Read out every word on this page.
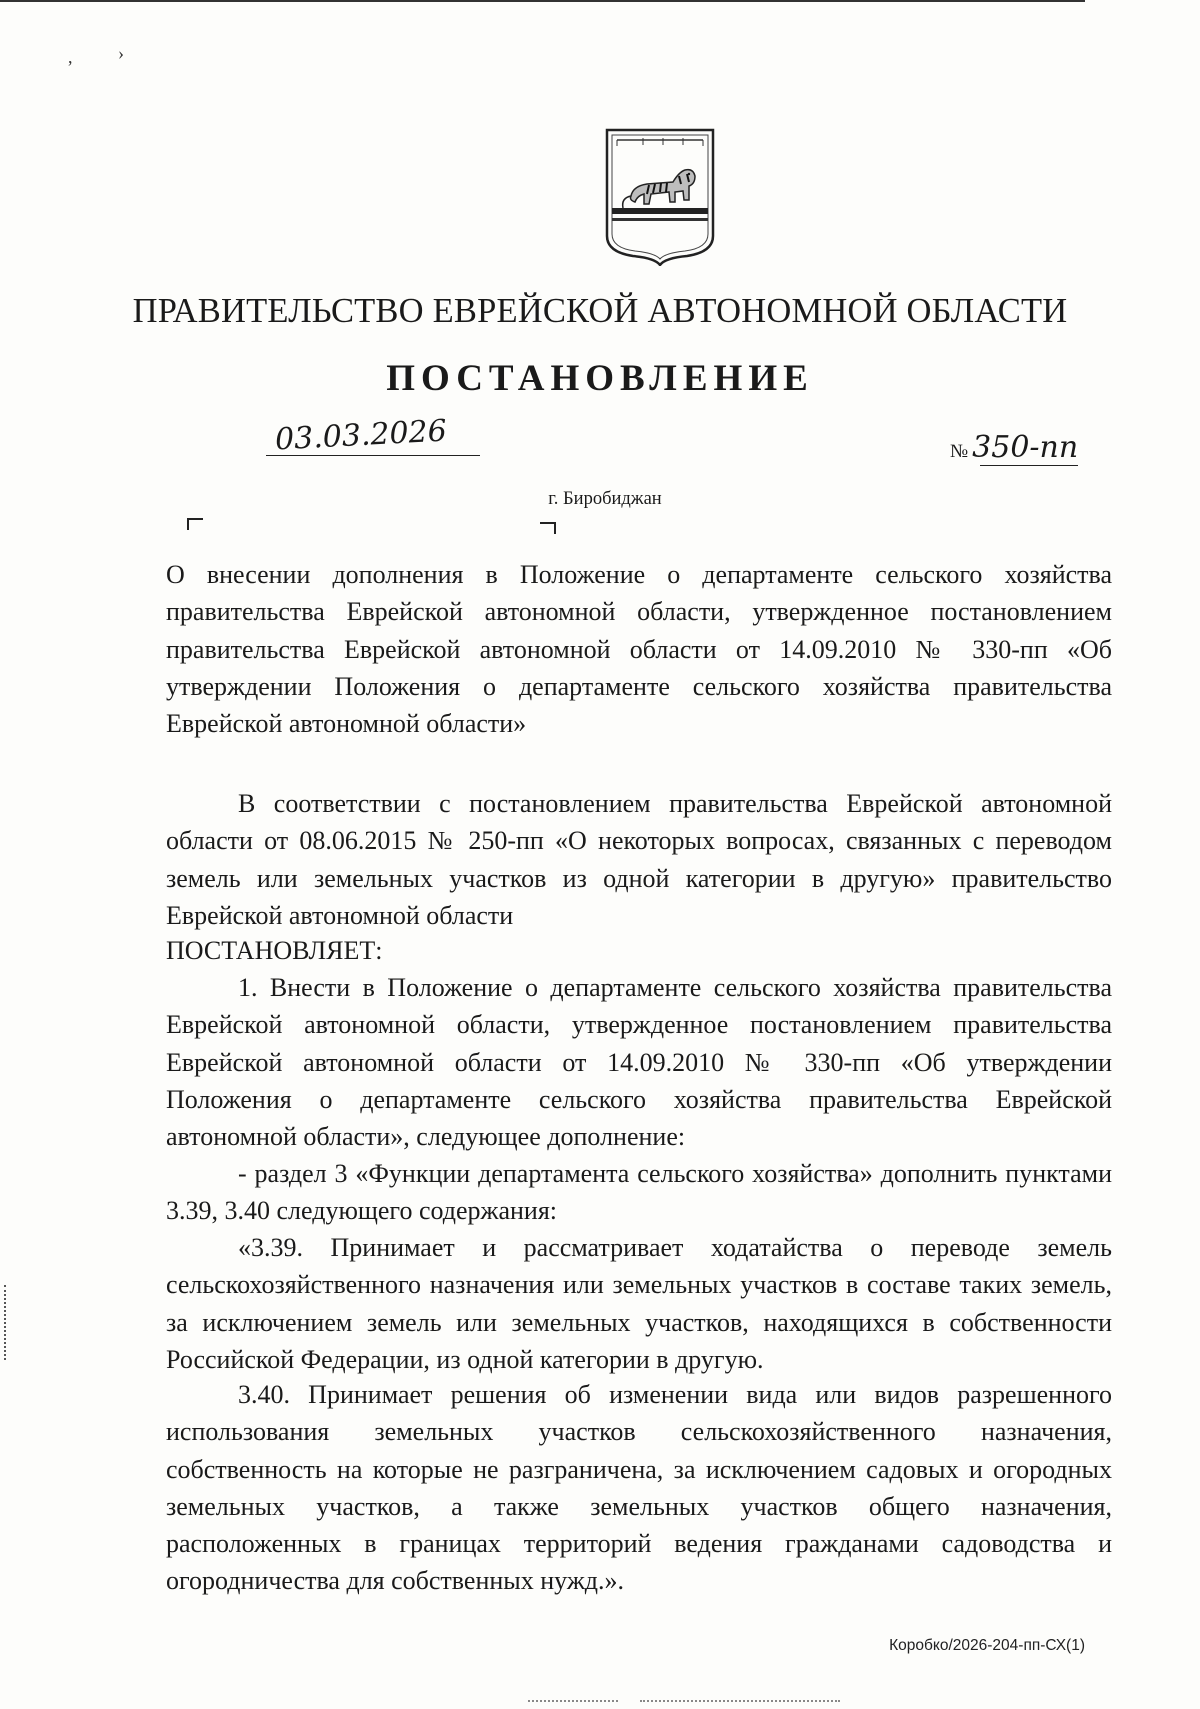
,	›
ПРАВИТЕЛЬСТВО ЕВРЕЙСКОЙ АВТОНОМНОЙ ОБЛАСТИ
ПОСТАНОВЛЕНИЕ
03.03.2026	№ 350-пп
г. Биробиджан

О внесении дополнения в Положение о департаменте сельского хозяйства правительства Еврейской автономной области, утвержденное постановлением правительства Еврейской автономной области от 14.09.2010 № 330-пп «Об утверждении Положения о департаменте сельского хозяйства правительства Еврейской автономной области»

В соответствии с постановлением правительства Еврейской автономной области от 08.06.2015 № 250-пп «О некоторых вопросах, связанных с переводом земель или земельных участков из одной категории в другую» правительство Еврейской автономной области

ПОСТАНОВЛЯЕТ:

1. Внести в Положение о департаменте сельского хозяйства правительства Еврейской автономной области, утвержденное постановлением правительства Еврейской автономной области от 14.09.2010 № 330-пп «Об утверждении Положения о департаменте сельского хозяйства правительства Еврейской автономной области», следующее дополнение:

- раздел 3 «Функции департамента сельского хозяйства» дополнить пунктами 3.39, 3.40 следующего содержания:

«3.39. Принимает и рассматривает ходатайства о переводе земель сельскохозяйственного назначения или земельных участков в составе таких земель, за исключением земель или земельных участков, находящихся в собственности Российской Федерации, из одной категории в другую.

3.40. Принимает решения об изменении вида или видов разрешенного использования земельных участков сельскохозяйственного назначения, собственность на которые не разграничена, за исключением садовых и огородных земельных участков, а также земельных участков общего назначения, расположенных в границах территорий ведения гражданами садоводства и огородничества для собственных нужд.».

Коробко/2026-204-пп-СХ(1)
